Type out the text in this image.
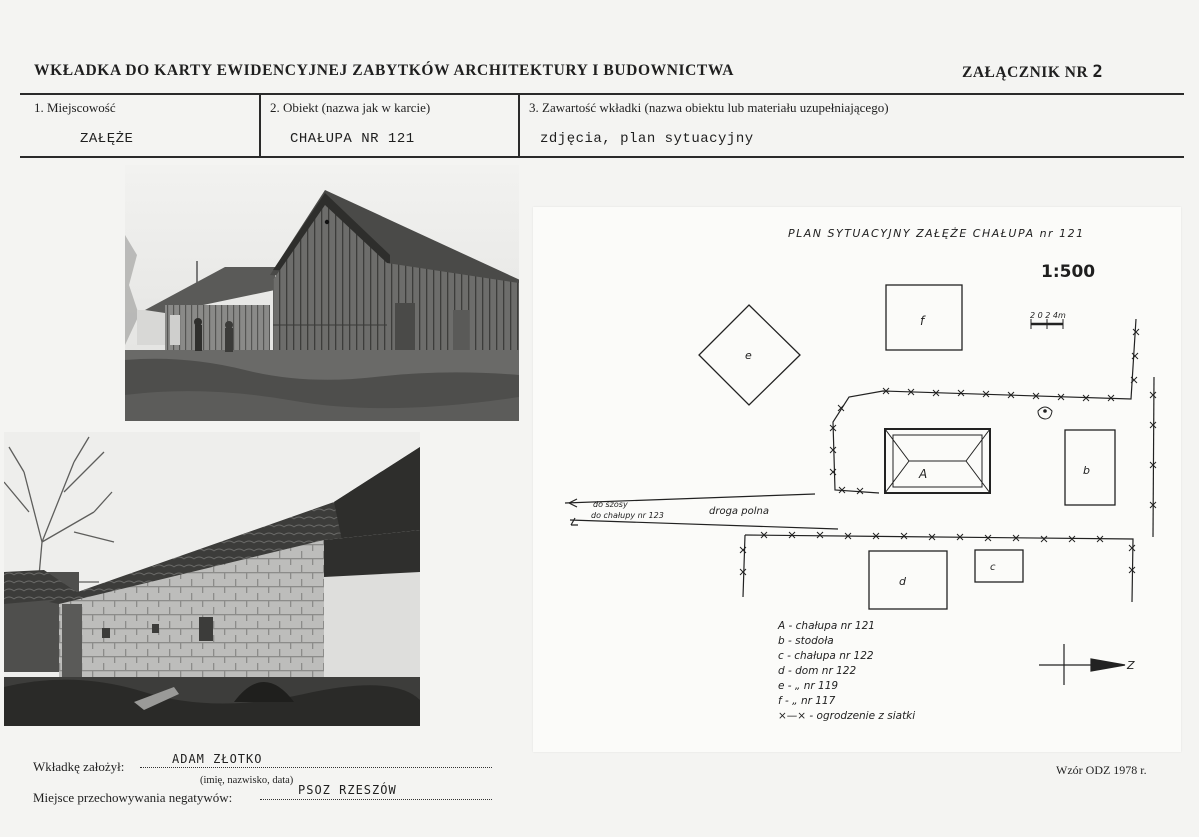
WKŁADKA DO KARTY EWIDENCYJNEJ ZABYTKÓW ARCHITEKTURY I BUDOWNICTWA	ZAŁĄCZNIK NR 2
1. Miejscowość	2. Obiekt (nazwa jak w karcie)	3. Zawartość wkładki (nazwa obiektu lub materiału uzupełniającego)
ZAŁĘŻE	CHAŁUPA NR 121	zdjęcia, plan sytuacyjny
PLAN SYTUACYJNY ZAŁĘŻE CHAŁUPA nr 121
1:500
2 0 2 4m
e
f
A	b
c
d
do szosy
do chałupy nr 123	droga polna
Z
A - chałupa nr 121
b - stodoła
c - chałupa nr 122
d - dom nr 122
e - „ nr 119
f - „ nr 117
×—× - ogrodzenie z siatki
Wkładkę założył:	ADAM ZŁOTKO
(imię, nazwisko, data)
Miejsce przechowywania negatywów:	PSOZ RZESZÓW
Wzór ODZ 1978 r.
